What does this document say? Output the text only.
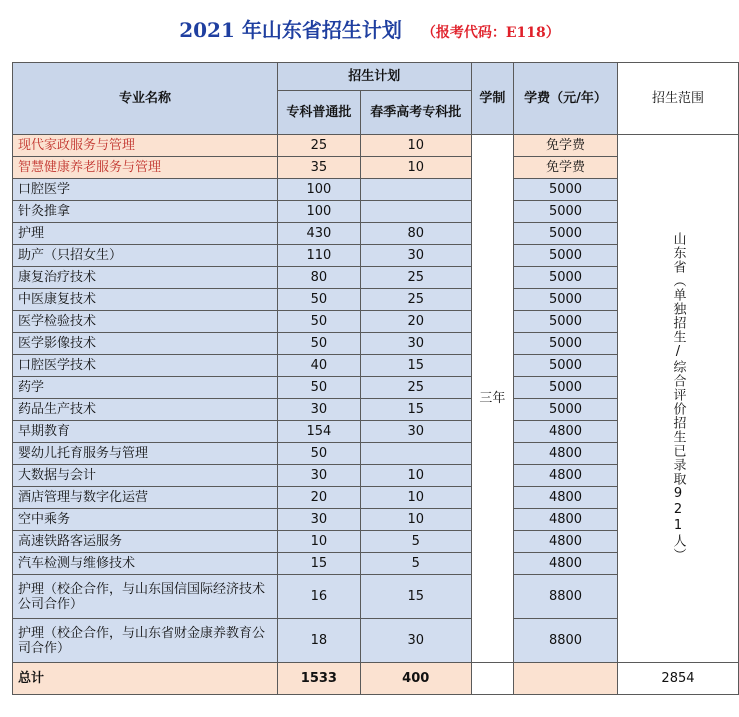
2021 年山东省招生计划 （报考代码：E118）
专业名称	招生计划		学制	学费（元/年）	招生范围
	专科普通批	春季高考专科批			
现代家政服务与管理	25	10	三年	免学费	山东省（单独招生/综合评价招生已录取921人）
智慧健康养老服务与管理	35	10		免学费	
口腔医学	100			5000	
针灸推拿	100			5000	
护理	430	80		5000	
助产（只招女生）	110	30		5000	
康复治疗技术	80	25		5000	
中医康复技术	50	25		5000	
医学检验技术	50	20		5000	
医学影像技术	50	30		5000	
口腔医学技术	40	15		5000	
药学	50	25		5000	
药品生产技术	30	15		5000	
早期教育	154	30		4800	
婴幼儿托育服务与管理	50			4800	
大数据与会计	30	10		4800	
酒店管理与数字化运营	20	10		4800	
空中乘务	30	10		4800	
高速铁路客运服务	10	5		4800	
汽车检测与维修技术	15	5		4800	
护理（校企合作，与山东国信国际经济技术公司合作）	16	15		8800	
护理（校企合作，与山东省财金康养教育公司合作）	18	30		8800	
总计	1533	400			2854
